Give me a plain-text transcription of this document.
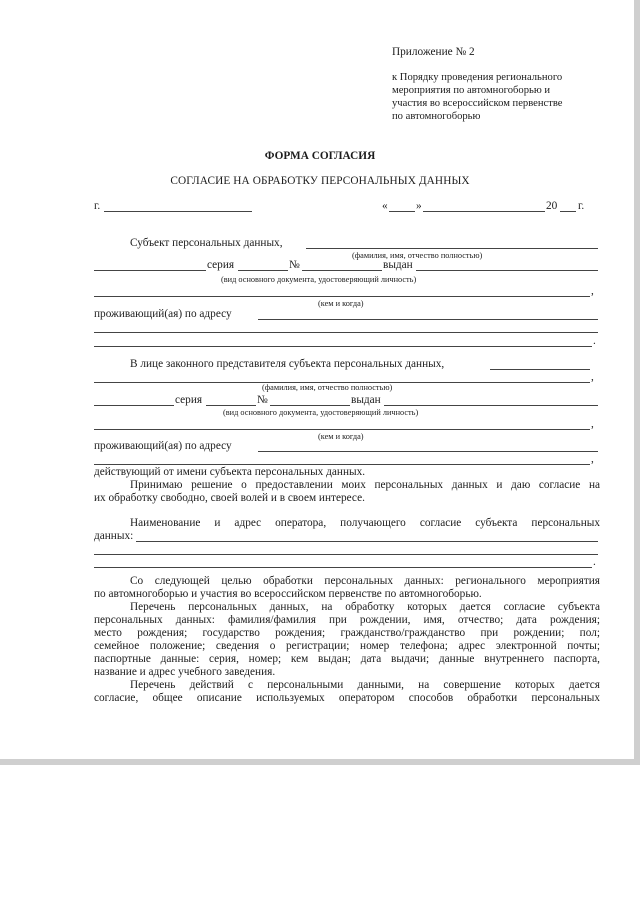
Приложение № 2
к Порядку проведения регионального
мероприятия по автомногоборью и
участия во всероссийском первенстве
по автомногоборью
ФОРМА СОГЛАСИЯ
СОГЛАСИЕ НА ОБРАБОТКУ ПЕРСОНАЛЬНЫХ ДАННЫХ
г.	«	»	20 г.
Субъект персональных данных,
(фамилия, имя, отчество полностью)
серия	№	выдан
(вид основного документа, удостоверяющий личность)
,
(кем и когда)
проживающий(ая) по адресу
.
В лице законного представителя субъекта персональных данных,
,
(фамилия, имя, отчество полностью)
серия	№	выдан
(вид основного документа, удостоверяющий личность)
,
(кем и когда)
проживающий(ая) по адресу
,
действующий от имени субъекта персональных данных.
Принимаю решение о предоставлении моих персональных данных и даю согласие на
их обработку свободно, своей волей и в своем интересе.
Наименование и адрес оператора, получающего согласие субъекта персональных
данных:
.
Со следующей целью обработки персональных данных: регионального мероприятия
по автомногоборью и участия во всероссийском первенстве по автомногоборью.
Перечень персональных данных, на обработку которых дается согласие субъекта
персональных данных: фамилия/фамилия при рождении, имя, отчество; дата рождения;
место рождения; государство рождения; гражданство/гражданство при рождении; пол;
семейное положение; сведения о регистрации; номер телефона; адрес электронной почты;
паспортные данные: серия, номер; кем выдан; дата выдачи; данные внутреннего паспорта,
название и адрес учебного заведения.
Перечень действий с персональными данными, на совершение которых дается
согласие, общее описание используемых оператором способов обработки персональных
